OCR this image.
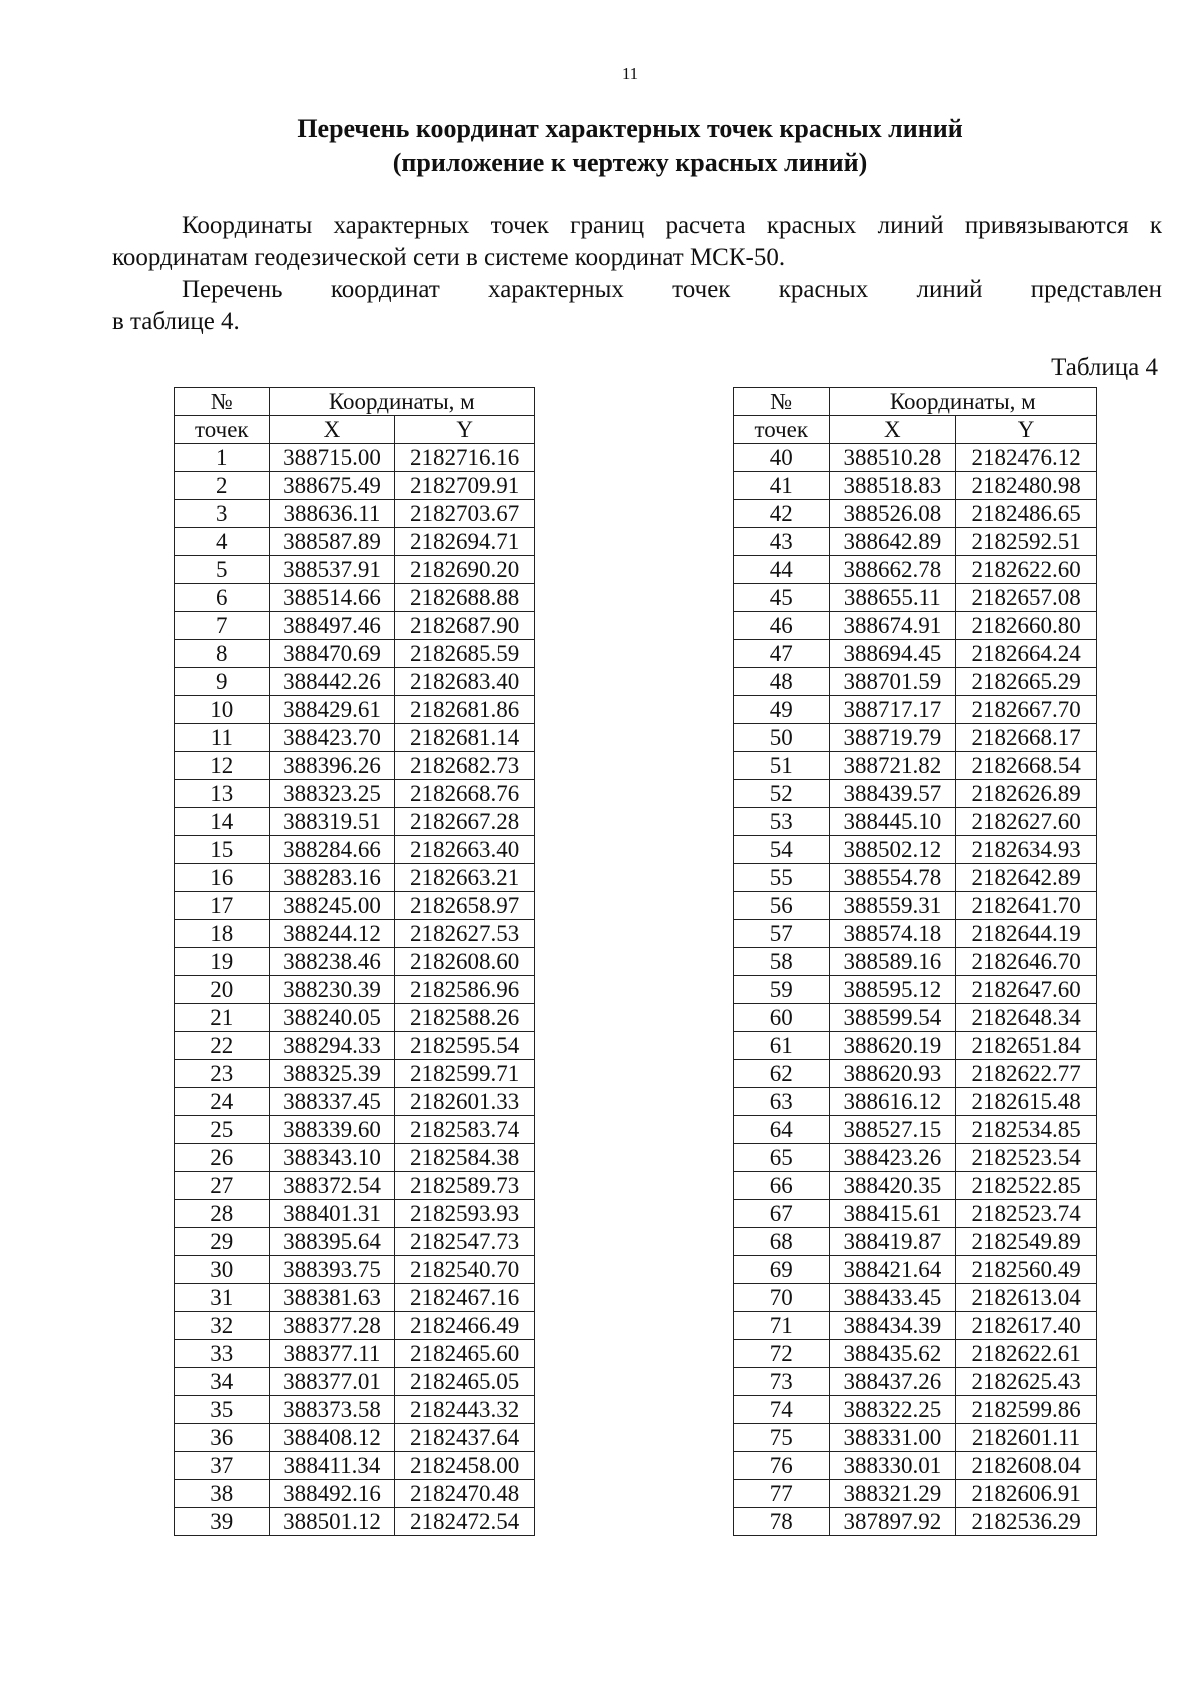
11
Перечень координат характерных точек красных линий
(приложение к чертежу красных линий)
Координаты характерных точек границ расчета красных линий привязываются к координатам геодезической сети в системе координат МСК-50.
Перечень координат характерных точек красных линий представлен
в таблице 4.
Таблица 4
№	Координаты, м	
точек	X	Y
1	388715.00	2182716.16
2	388675.49	2182709.91
3	388636.11	2182703.67
4	388587.89	2182694.71
5	388537.91	2182690.20
6	388514.66	2182688.88
7	388497.46	2182687.90
8	388470.69	2182685.59
9	388442.26	2182683.40
10	388429.61	2182681.86
11	388423.70	2182681.14
12	388396.26	2182682.73
13	388323.25	2182668.76
14	388319.51	2182667.28
15	388284.66	2182663.40
16	388283.16	2182663.21
17	388245.00	2182658.97
18	388244.12	2182627.53
19	388238.46	2182608.60
20	388230.39	2182586.96
21	388240.05	2182588.26
22	388294.33	2182595.54
23	388325.39	2182599.71
24	388337.45	2182601.33
25	388339.60	2182583.74
26	388343.10	2182584.38
27	388372.54	2182589.73
28	388401.31	2182593.93
29	388395.64	2182547.73
30	388393.75	2182540.70
31	388381.63	2182467.16
32	388377.28	2182466.49
33	388377.11	2182465.60
34	388377.01	2182465.05
35	388373.58	2182443.32
36	388408.12	2182437.64
37	388411.34	2182458.00
38	388492.16	2182470.48
39	388501.12	2182472.54
№	Координаты, м	
точек	X	Y
40	388510.28	2182476.12
41	388518.83	2182480.98
42	388526.08	2182486.65
43	388642.89	2182592.51
44	388662.78	2182622.60
45	388655.11	2182657.08
46	388674.91	2182660.80
47	388694.45	2182664.24
48	388701.59	2182665.29
49	388717.17	2182667.70
50	388719.79	2182668.17
51	388721.82	2182668.54
52	388439.57	2182626.89
53	388445.10	2182627.60
54	388502.12	2182634.93
55	388554.78	2182642.89
56	388559.31	2182641.70
57	388574.18	2182644.19
58	388589.16	2182646.70
59	388595.12	2182647.60
60	388599.54	2182648.34
61	388620.19	2182651.84
62	388620.93	2182622.77
63	388616.12	2182615.48
64	388527.15	2182534.85
65	388423.26	2182523.54
66	388420.35	2182522.85
67	388415.61	2182523.74
68	388419.87	2182549.89
69	388421.64	2182560.49
70	388433.45	2182613.04
71	388434.39	2182617.40
72	388435.62	2182622.61
73	388437.26	2182625.43
74	388322.25	2182599.86
75	388331.00	2182601.11
76	388330.01	2182608.04
77	388321.29	2182606.91
78	387897.92	2182536.29
